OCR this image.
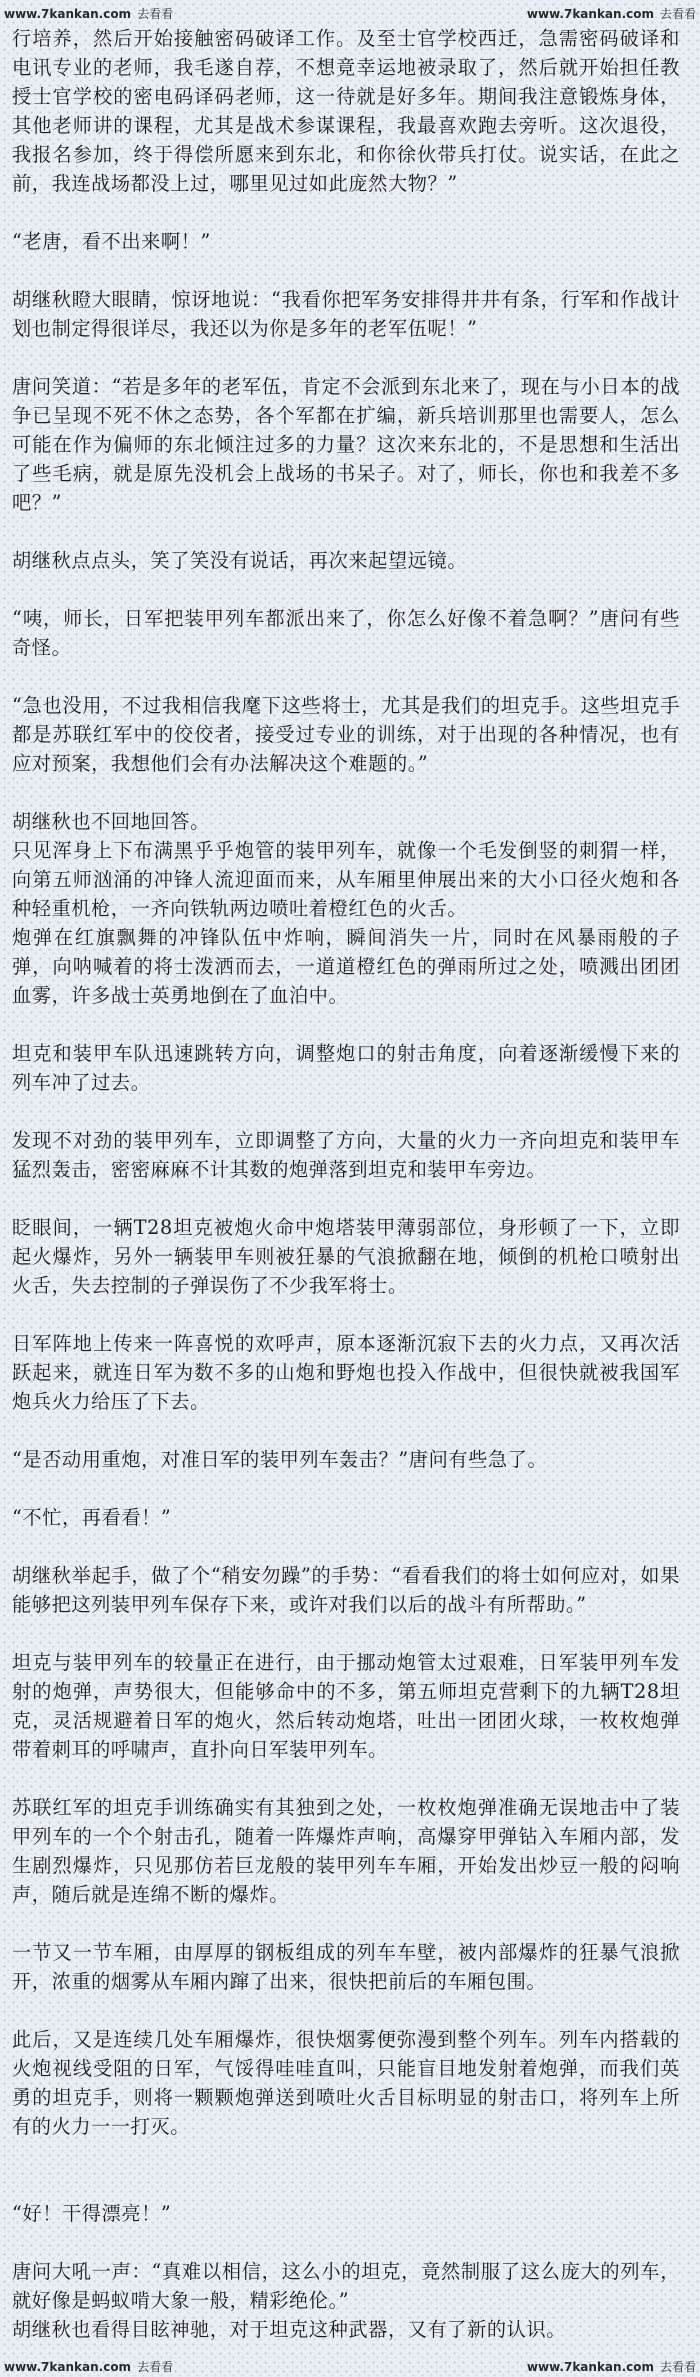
www.7kankan.com 去看看	www.7kankan.com 去看看

行培养，然后开始接触密码破译工作。及至士官学校西迁，急需密码破译和电讯专业的老师，我毛遂自荐，不想竟幸运地被录取了，然后就开始担任教授士官学校的密电码译码老师，这一待就是好多年。期间我注意锻炼身体，其他老师讲的课程，尤其是战术参谋课程，我最喜欢跑去旁听。这次退役，我报名参加，终于得偿所愿来到东北，和你徐伙带兵打仗。说实话，在此之前，我连战场都没上过，哪里见过如此庞然大物？”

“老唐，看不出来啊！”

胡继秋瞪大眼睛，惊讶地说：“我看你把军务安排得井井有条，行军和作战计划也制定得很详尽，我还以为你是多年的老军伍呢！”

唐问笑道：“若是多年的老军伍，肯定不会派到东北来了，现在与小日本的战争已呈现不死不休之态势，各个军都在扩编，新兵培训那里也需要人，怎么可能在作为偏师的东北倾注过多的力量？这次来东北的，不是思想和生活出了些毛病，就是原先没机会上战场的书呆子。对了，师长，你也和我差不多吧？”

胡继秋点点头，笑了笑没有说话，再次来起望远镜。

“咦，师长，日军把装甲列车都派出来了，你怎么好像不着急啊？”唐问有些奇怪。

“急也没用，不过我相信我麾下这些将士，尤其是我们的坦克手。这些坦克手都是苏联红军中的佼佼者，接受过专业的训练，对于出现的各种情况，也有应对预案，我想他们会有办法解决这个难题的。”

胡继秋也不回地回答。
只见浑身上下布满黑乎乎炮管的装甲列车，就像一个毛发倒竖的刺猬一样，向第五师汹涌的冲锋人流迎面而来，从车厢里伸展出来的大小口径火炮和各种轻重机枪，一齐向铁轨两边喷吐着橙红色的火舌。
炮弹在红旗飘舞的冲锋队伍中炸响，瞬间消失一片，同时在风暴雨般的子弹，向呐喊着的将士泼洒而去，一道道橙红色的弹雨所过之处，喷溅出团团血雾，许多战士英勇地倒在了血泊中。

坦克和装甲车队迅速跳转方向，调整炮口的射击角度，向着逐渐缓慢下来的列车冲了过去。

发现不对劲的装甲列车，立即调整了方向，大量的火力一齐向坦克和装甲车猛烈轰击，密密麻麻不计其数的炮弹落到坦克和装甲车旁边。

眨眼间，一辆T28坦克被炮火命中炮塔装甲薄弱部位，身形顿了一下，立即起火爆炸，另外一辆装甲车则被狂暴的气浪掀翻在地，倾倒的机枪口喷射出火舌，失去控制的子弹误伤了不少我军将士。

日军阵地上传来一阵喜悦的欢呼声，原本逐渐沉寂下去的火力点，又再次活跃起来，就连日军为数不多的山炮和野炮也投入作战中，但很快就被我国军炮兵火力给压了下去。

“是否动用重炮，对准日军的装甲列车轰击？”唐问有些急了。

“不忙，再看看！”

胡继秋举起手，做了个“稍安勿躁”的手势：“看看我们的将士如何应对，如果能够把这列装甲列车保存下来，或许对我们以后的战斗有所帮助。”

坦克与装甲列车的较量正在进行，由于挪动炮管太过艰难，日军装甲列车发射的炮弹，声势很大，但能够命中的不多，第五师坦克营剩下的九辆T28坦克，灵活规避着日军的炮火，然后转动炮塔，吐出一团团火球，一枚枚炮弹带着刺耳的呼啸声，直扑向日军装甲列车。

苏联红军的坦克手训练确实有其独到之处，一枚枚炮弹准确无误地击中了装甲列车的一个个射击孔，随着一阵爆炸声响，高爆穿甲弹钻入车厢内部，发生剧烈爆炸，只见那仿若巨龙般的装甲列车车厢，开始发出炒豆一般的闷响声，随后就是连绵不断的爆炸。

一节又一节车厢，由厚厚的钢板组成的列车车壁，被内部爆炸的狂暴气浪掀开，浓重的烟雾从车厢内蹿了出来，很快把前后的车厢包围。

此后，又是连续几处车厢爆炸，很快烟雾便弥漫到整个列车。列车内搭载的火炮视线受阻的日军，气馁得哇哇直叫，只能盲目地发射着炮弹，而我们英勇的坦克手，则将一颗颗炮弹送到喷吐火舌目标明显的射击口，将列车上所有的火力一一打灭。

“好！干得漂亮！”

唐问大吼一声：“真难以相信，这么小的坦克，竟然制服了这么庞大的列车，就好像是蚂蚁啃大象一般，精彩绝伦。”
胡继秋也看得目眩神驰，对于坦克这种武器，又有了新的认识。

www.7kankan.com 去看看	www.7kankan.com 去看看
